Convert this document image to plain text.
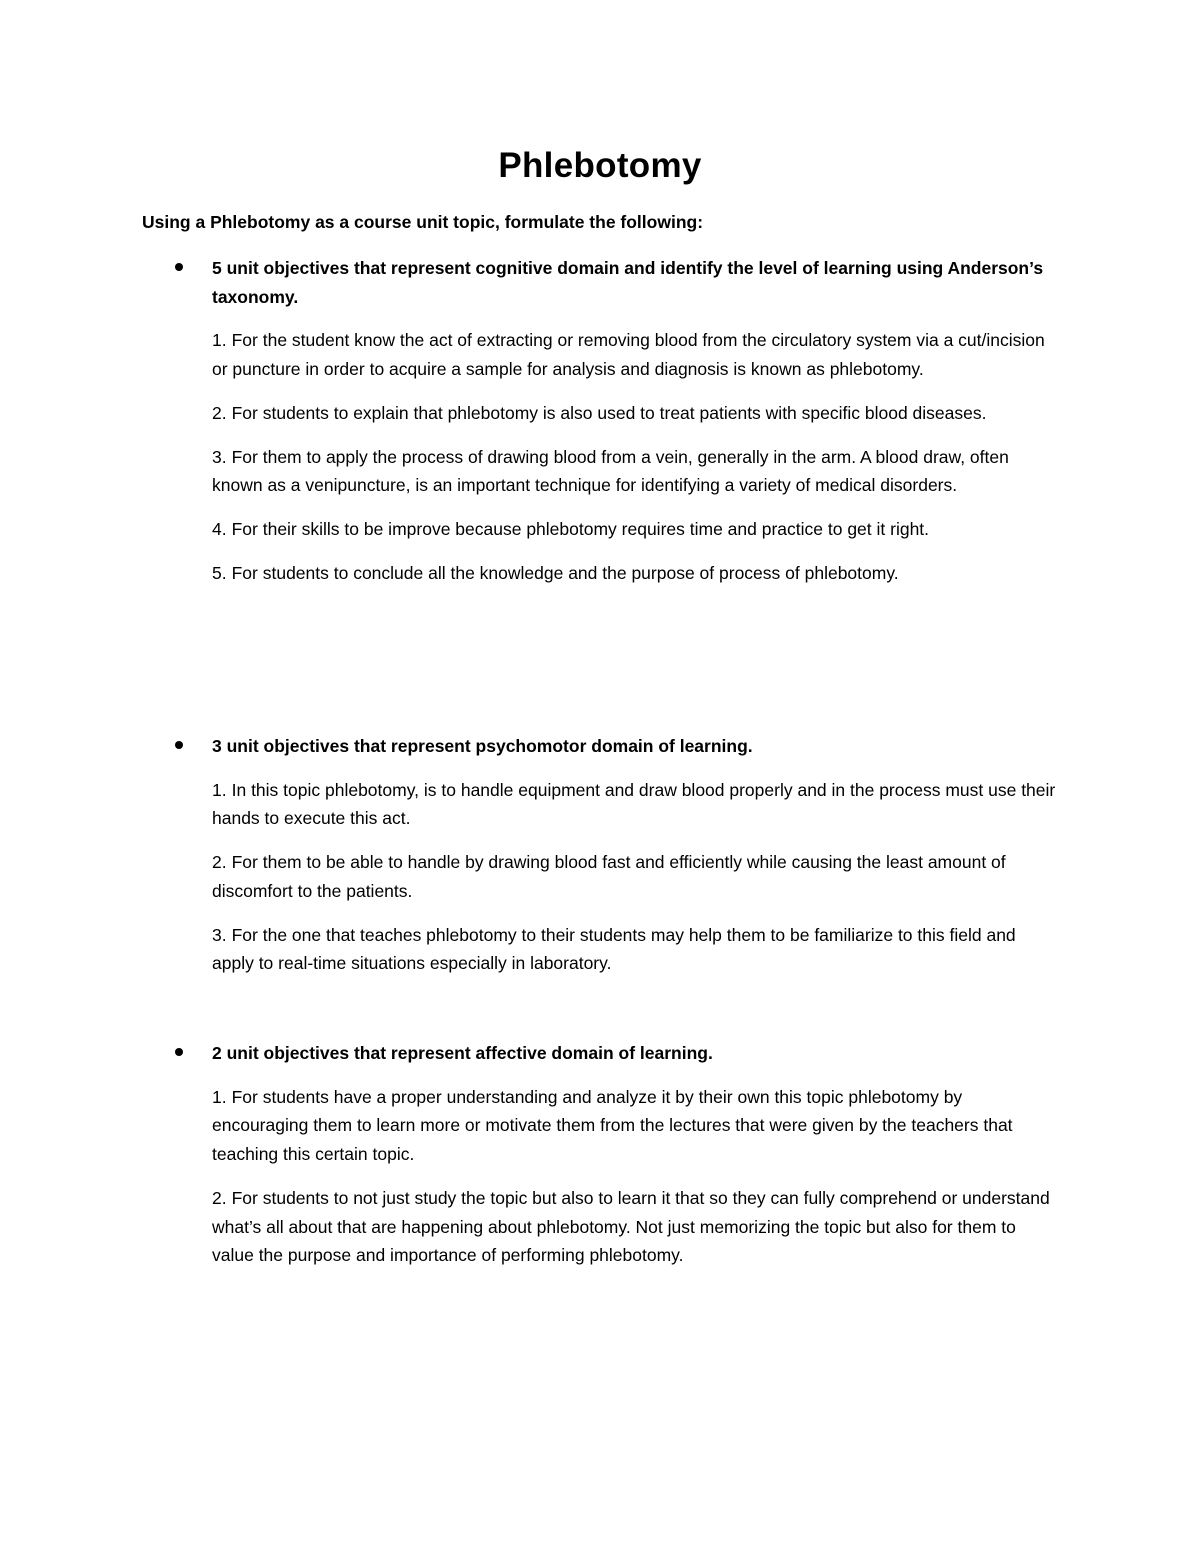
Phlebotomy
Using a Phlebotomy as a course unit topic, formulate the following:
5 unit objectives that represent cognitive domain and identify the level of learning using Anderson’s taxonomy.
1. For the student know the act of extracting or removing blood from the circulatory system via a cut/incision or puncture in order to acquire a sample for analysis and diagnosis is known as phlebotomy.
2. For students to explain that phlebotomy is also used to treat patients with specific blood diseases.
3. For them to apply the process of drawing blood from a vein, generally in the arm. A blood draw, often known as a venipuncture, is an important technique for identifying a variety of medical disorders.
4. For their skills to be improve because phlebotomy requires time and practice to get it right.
5. For students to conclude all the knowledge and the purpose of process of phlebotomy.
3 unit objectives that represent psychomotor domain of learning.
1. In this topic phlebotomy, is to handle equipment and draw blood properly and in the process must use their hands to execute this act.
2. For them to be able to handle by drawing blood fast and efficiently while causing the least amount of discomfort to the patients.
3. For the one that teaches phlebotomy to their students may help them to be familiarize to this field and apply to real-time situations especially in laboratory.
2 unit objectives that represent affective domain of learning.
1. For students have a proper understanding and analyze it by their own this topic phlebotomy by encouraging them to learn more or motivate them from the lectures that were given by the teachers that teaching this certain topic.
2. For students to not just study the topic but also to learn it that so they can fully comprehend or understand what’s all about that are happening about phlebotomy. Not just memorizing the topic but also for them to value the purpose and importance of performing phlebotomy.
